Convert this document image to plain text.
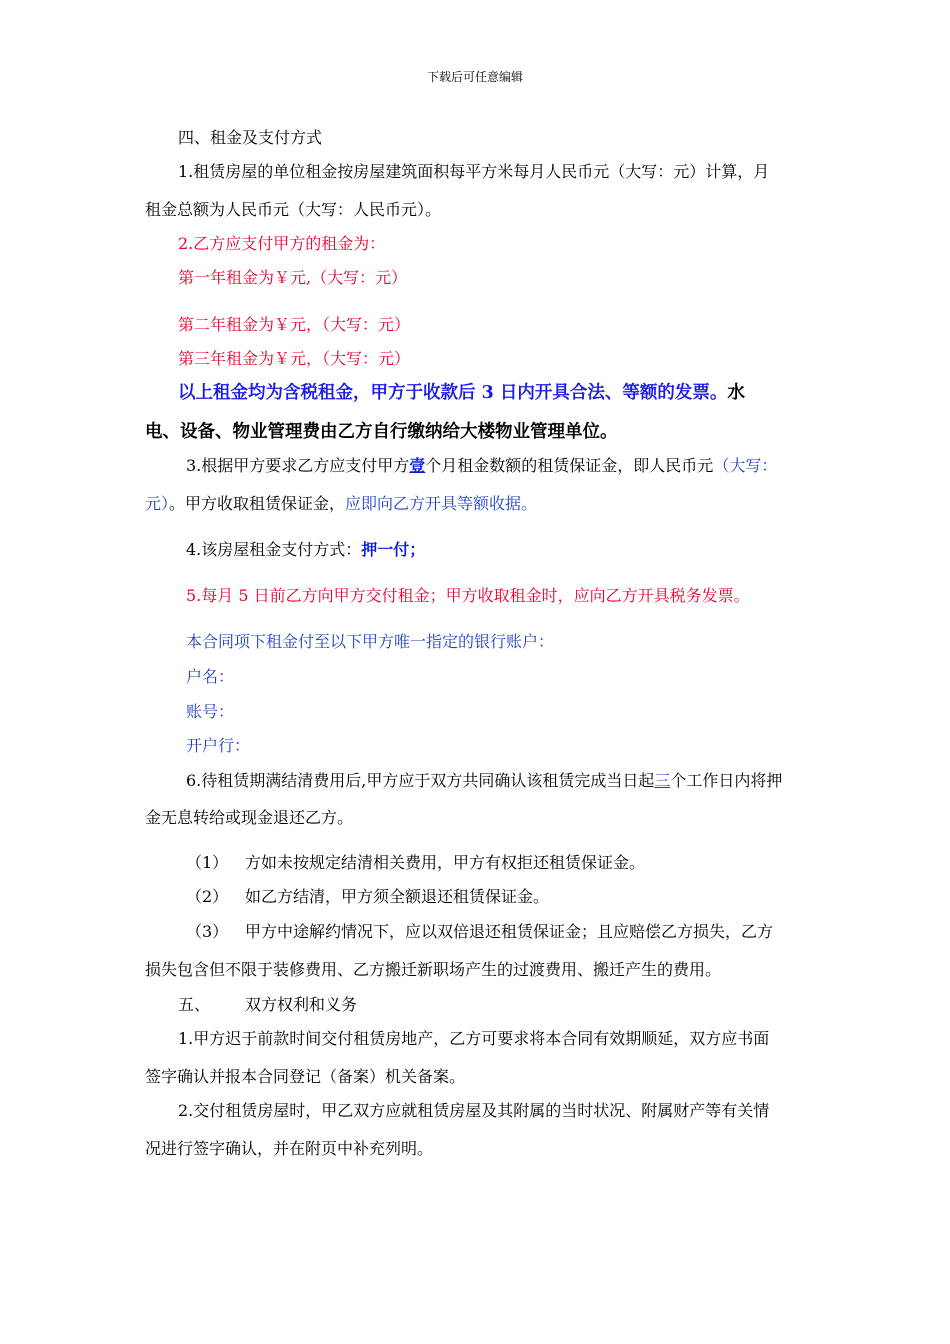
下载后可任意编辑
四、租金及支付方式
1.租赁房屋的单位租金按房屋建筑面积每平方米每月人民币元（大写：元）计算，月
租金总额为人民币元（大写：人民币元）。
2.乙方应支付甲方的租金为：
第一年租金为￥元,（大写：元）
第二年租金为￥元，（大写：元）
第三年租金为￥元，（大写：元）
以上租金均为含税租金，甲方于收款后 3 日内开具合法、等额的发票。水
电、设备、物业管理费由乙方自行缴纳给大楼物业管理单位。
3.根据甲方要求乙方应支付甲方壹个月租金数额的租赁保证金，即人民币元（大写：
元）。甲方收取租赁保证金，应即向乙方开具等额收据。
4.该房屋租金支付方式：押一付；
5.每月 5 日前乙方向甲方交付租金；甲方收取租金时，应向乙方开具税务发票。
本合同项下租金付至以下甲方唯一指定的银行账户：
户名：
账号：
开户行：
6.待租赁期满结清费用后,甲方应于双方共同确认该租赁完成当日起三个工作日内将押
金无息转给或现金退还乙方。
（1） 方如未按规定结清相关费用，甲方有权拒还租赁保证金。
（2） 如乙方结清，甲方须全额退还租赁保证金。
（3） 甲方中途解约情况下，应以双倍退还租赁保证金；且应赔偿乙方损失，乙方
损失包含但不限于装修费用、乙方搬迁新职场产生的过渡费用、搬迁产生的费用。
五、 双方权利和义务
1.甲方迟于前款时间交付租赁房地产，乙方可要求将本合同有效期顺延，双方应书面
签字确认并报本合同登记（备案）机关备案。
2.交付租赁房屋时，甲乙双方应就租赁房屋及其附属的当时状况、附属财产等有关情
况进行签字确认，并在附页中补充列明。
